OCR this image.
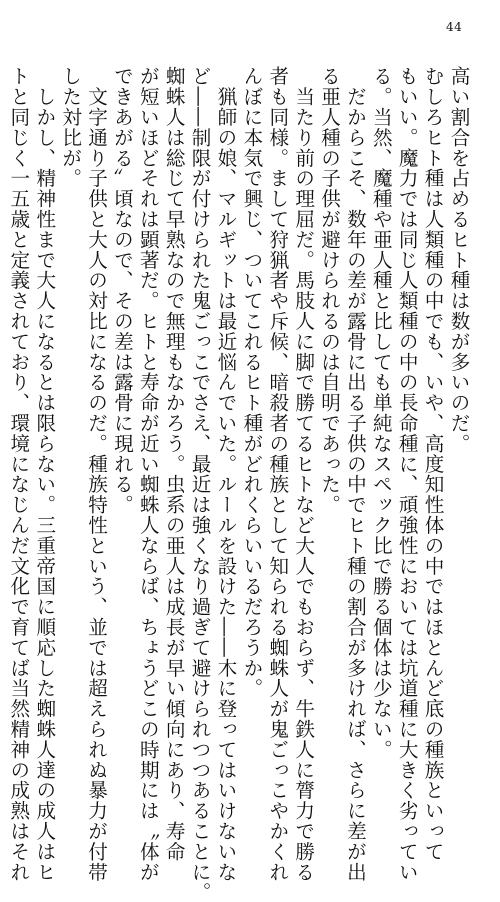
44
高い割合を占めるヒト種は数が多いのだ。
むしろヒト種は人類種の中でも、いや、高度知性体の中ではほとんど底の種族といって
もいい。魔力では同じ人類種の中の長命種に、頑強性においては坑道種に大きく劣ってい
る。当然、魔種や亜人種と比しても単純なスペック比で勝る個体は少ない。
　だからこそ、数年の差が露骨に出る子供の中でヒト種の割合が多ければ、さらに差が出
る亜人種の子供が避けられるのは自明であった。
　当たり前の理屈だ。馬肢人に脚で勝てるヒトなど大人でもおらず、牛鉄人に膂力で勝る
者も同様。まして狩猟者や斥候、暗殺者の種族として知られる蜘蛛人が鬼ごっこやかくれ
んぼに本気で興じ、ついてこれるヒト種がどれくらいいるだろうか。
　猟師の娘、マルギットは最近悩んでいた。ルールを設けた――木に登ってはいけないな
ど――制限が付けられた鬼ごっこでさえ、最近は強くなり過ぎて避けられつつあることに。
蜘蛛人は総じて早熟なので無理もなかろう。虫系の亜人は成長が早い傾向にあり、寿命
が短いほどそれは顕著だ。ヒトと寿命が近い蜘蛛人ならば、ちょうどこの時期には〝体が
できあがる〟頃なので、その差は露骨に現れる。
　文字通り子供と大人の対比になるのだ。種族特性という、並では超えられぬ暴力が付帯
した対比が。
　しかし、精神性まで大人になるとは限らない。三重帝国に順応した蜘蛛人達の成人はヒ
トと同じく一五歳と定義されており、環境になじんだ文化で育てば当然精神の成熟はそれ
